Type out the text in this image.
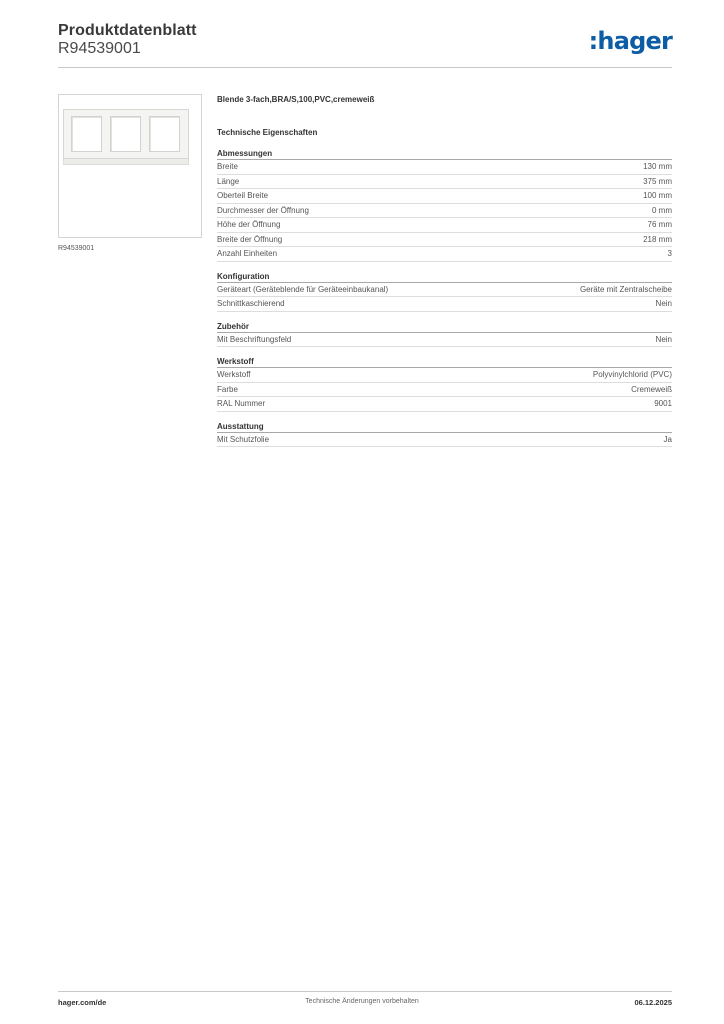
Produktdatenblatt
R94539001	:hager
R94539001
Blende 3-fach,BRA/S,100,PVC,cremeweiß
Technische Eigenschaften
Abmessungen
Breite	130 mm
Länge	375 mm
Oberteil Breite	100 mm
Durchmesser der Öffnung	0 mm
Höhe der Öffnung	76 mm
Breite der Öffnung	218 mm
Anzahl Einheiten	3
Konfiguration
Geräteart (Geräteblende für Geräteeinbaukanal)	Geräte mit Zentralscheibe
Schnittkaschierend	Nein
Zubehör
Mit Beschriftungsfeld	Nein
Werkstoff
Werkstoff	Polyvinylchlorid (PVC)
Farbe	Cremeweiß
RAL Nummer	9001
Ausstattung
Mit Schutzfolie	Ja
hager.com/de	Technische Änderungen vorbehalten	06.12.2025
